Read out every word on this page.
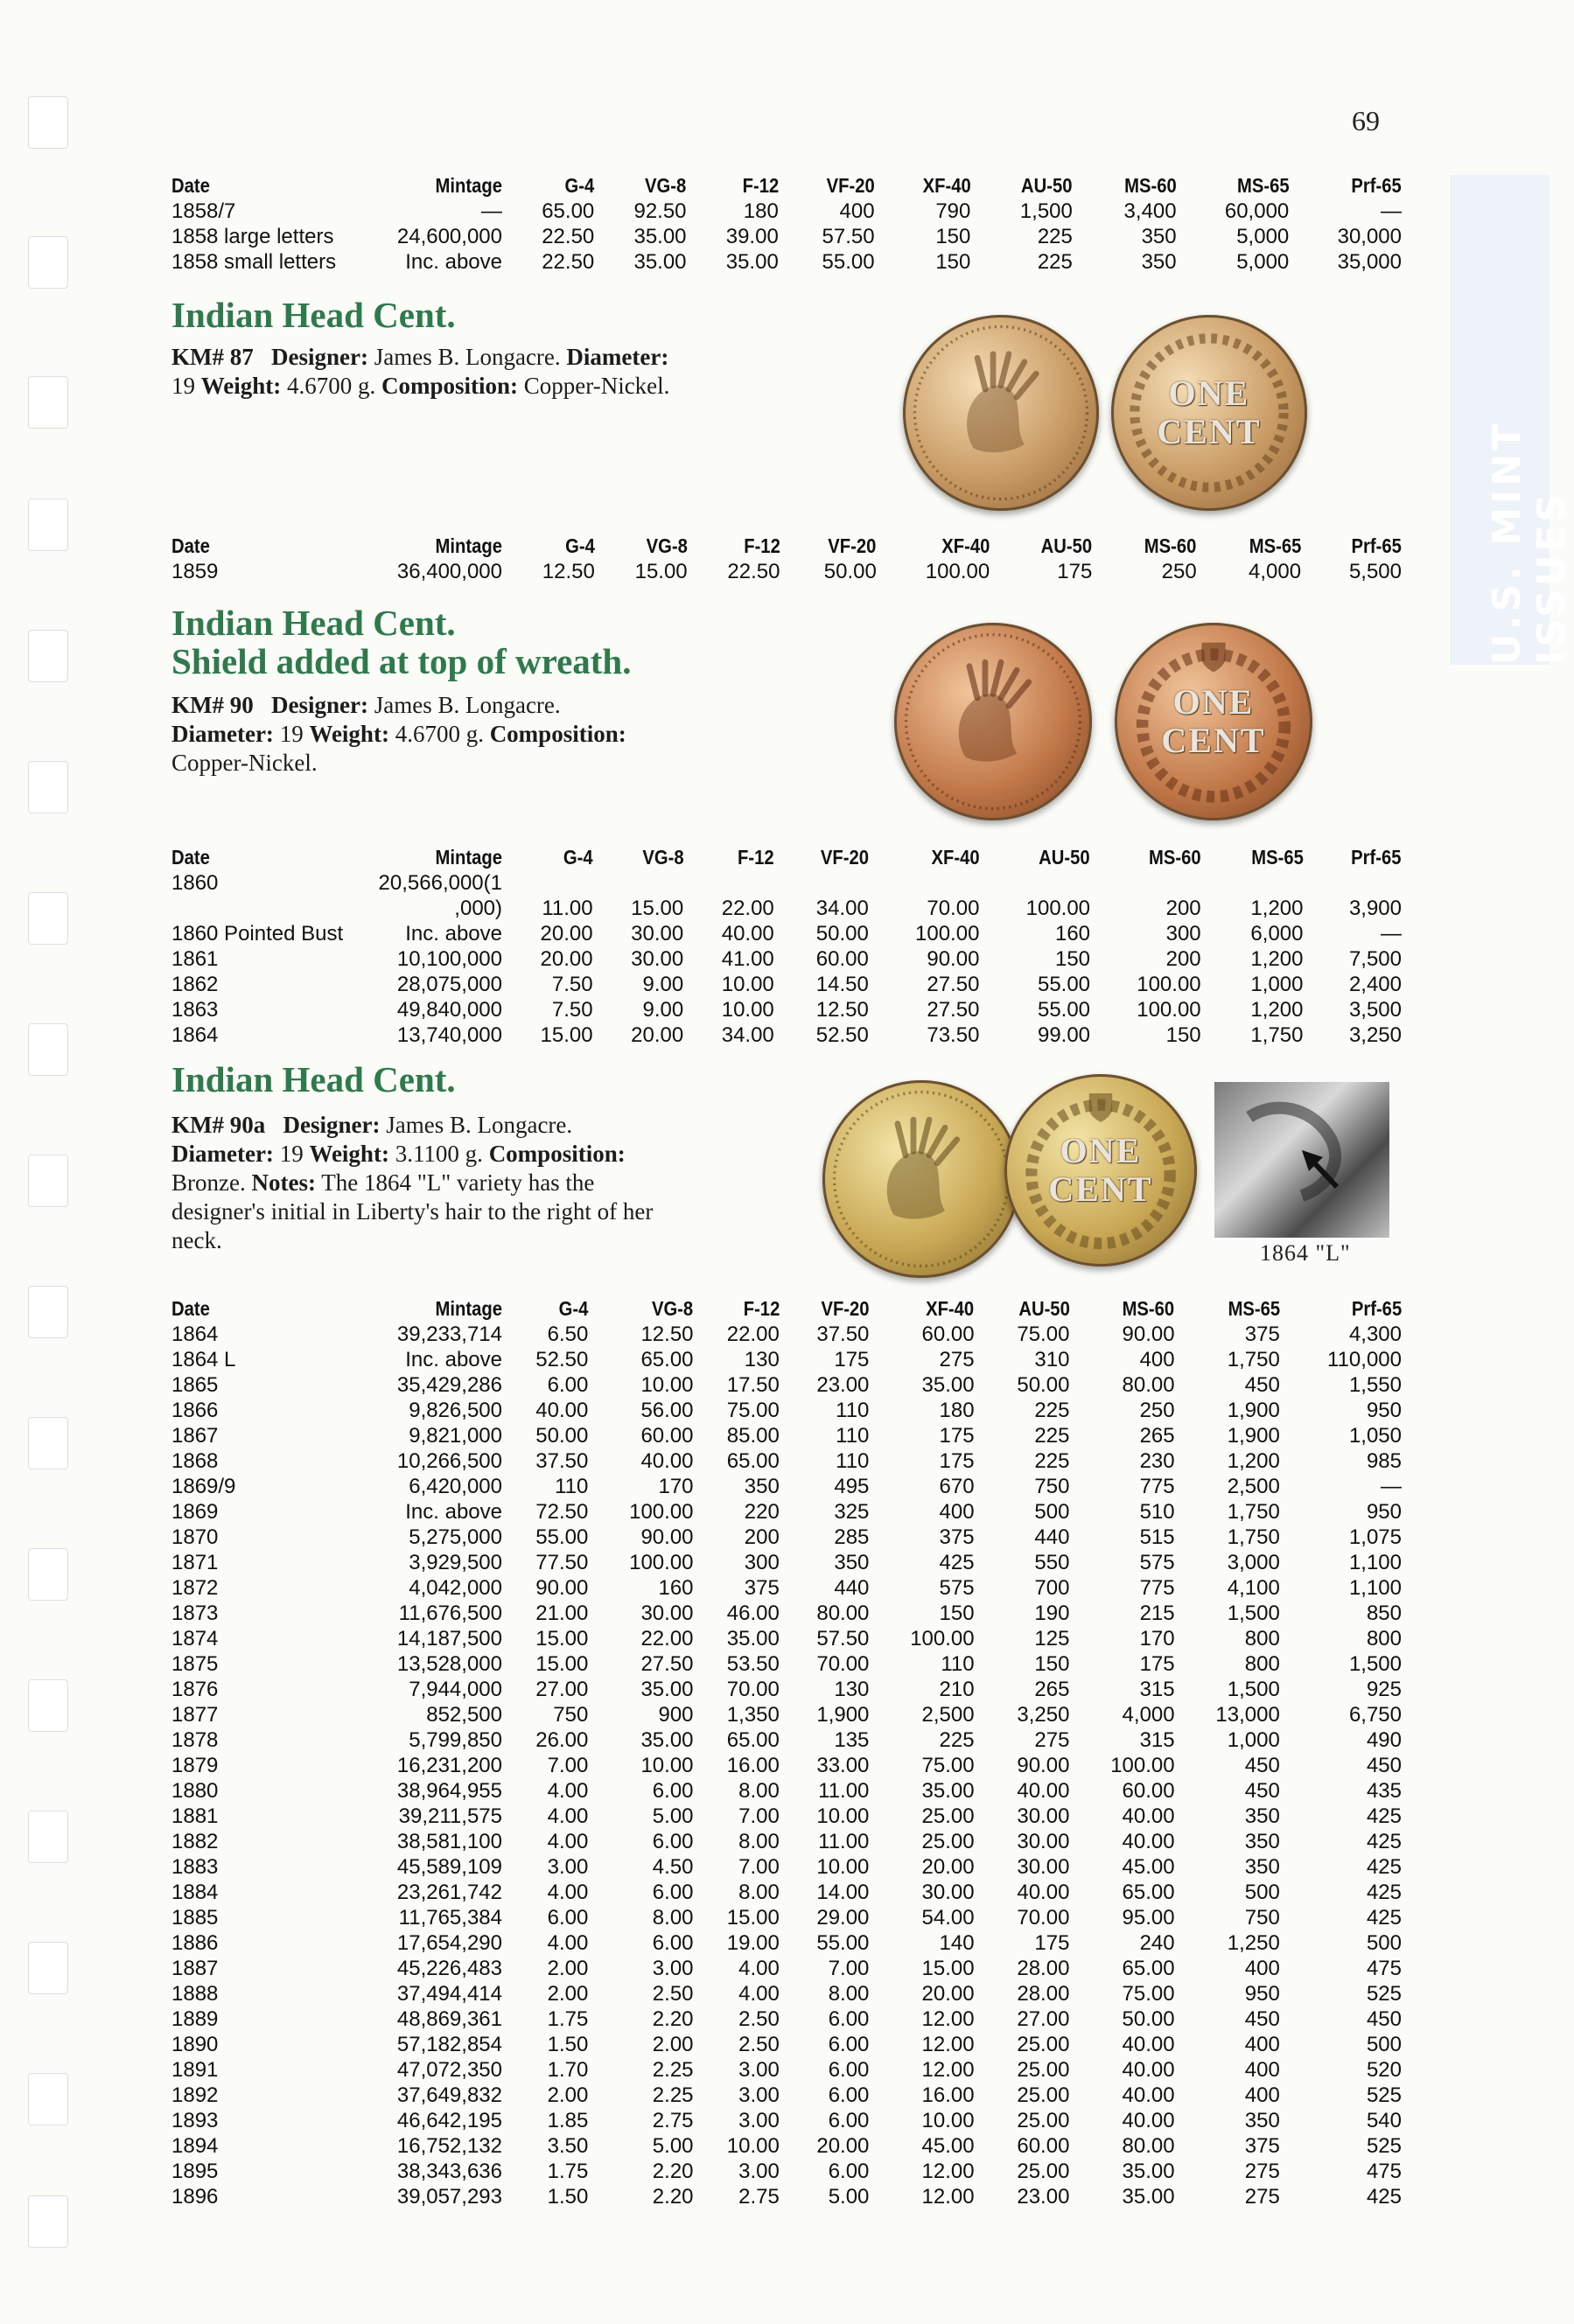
U.S. MINT ISSUES
69
Date	Mintage	G-4	VG-8	F-12	VF-20	XF-40	AU-50	MS-60	MS-65	Prf-65
1858/7	—	65.00	92.50	180	400	790	1,500	3,400	60,000	—
1858 large letters	24,600,000	22.50	35.00	39.00	57.50	150	225	350	5,000	30,000
1858 small letters	Inc. above	22.50	35.00	35.00	55.00	150	225	350	5,000	35,000
Indian Head Cent.
KM# 87 Designer: James B. Longacre. Diameter:
19 Weight: 4.6700 g. Composition: Copper-Nickel.	ONE
CENT
Date	Mintage	G-4	VG-8	F-12	VF-20	XF-40	AU-50	MS-60	MS-65	Prf-65
1859	36,400,000	12.50	15.00	22.50	50.00	100.00	175	250	4,000	5,500
Indian Head Cent.
Shield added at top of wreath.
KM# 90 Designer: James B. Longacre.
Diameter: 19 Weight: 4.6700 g. Composition:
Copper-Nickel.
ONE
CENT
Date	Mintage	G-4	VG-8	F-12	VF-20	XF-40	AU-50	MS-60	MS-65	Prf-65
1860	20,566,000(1									
	,000)	11.00	15.00	22.00	34.00	70.00	100.00	200	1,200	3,900
1860 Pointed Bust	Inc. above	20.00	30.00	40.00	50.00	100.00	160	300	6,000	—
1861	10,100,000	20.00	30.00	41.00	60.00	90.00	150	200	1,200	7,500
1862	28,075,000	7.50	9.00	10.00	14.50	27.50	55.00	100.00	1,000	2,400
1863	49,840,000	7.50	9.00	10.00	12.50	27.50	55.00	100.00	1,200	3,500
1864	13,740,000	15.00	20.00	34.00	52.50	73.50	99.00	150	1,750	3,250
Indian Head Cent.
KM# 90a Designer: James B. Longacre.
Diameter: 19 Weight: 3.1100 g. Composition:
Bronze. Notes: The 1864 "L" variety has the
designer's initial in Liberty's hair to the right of her
neck.
ONE
CENT
1864 "L"
Date	Mintage	G-4	VG-8	F-12	VF-20	XF-40	AU-50	MS-60	MS-65	Prf-65
1864	39,233,714	6.50	12.50	22.00	37.50	60.00	75.00	90.00	375	4,300
1864 L	Inc. above	52.50	65.00	130	175	275	310	400	1,750	110,000
1865	35,429,286	6.00	10.00	17.50	23.00	35.00	50.00	80.00	450	1,550
1866	9,826,500	40.00	56.00	75.00	110	180	225	250	1,900	950
1867	9,821,000	50.00	60.00	85.00	110	175	225	265	1,900	1,050
1868	10,266,500	37.50	40.00	65.00	110	175	225	230	1,200	985
1869/9	6,420,000	110	170	350	495	670	750	775	2,500	—
1869	Inc. above	72.50	100.00	220	325	400	500	510	1,750	950
1870	5,275,000	55.00	90.00	200	285	375	440	515	1,750	1,075
1871	3,929,500	77.50	100.00	300	350	425	550	575	3,000	1,100
1872	4,042,000	90.00	160	375	440	575	700	775	4,100	1,100
1873	11,676,500	21.00	30.00	46.00	80.00	150	190	215	1,500	850
1874	14,187,500	15.00	22.00	35.00	57.50	100.00	125	170	800	800
1875	13,528,000	15.00	27.50	53.50	70.00	110	150	175	800	1,500
1876	7,944,000	27.00	35.00	70.00	130	210	265	315	1,500	925
1877	852,500	750	900	1,350	1,900	2,500	3,250	4,000	13,000	6,750
1878	5,799,850	26.00	35.00	65.00	135	225	275	315	1,000	490
1879	16,231,200	7.00	10.00	16.00	33.00	75.00	90.00	100.00	450	450
1880	38,964,955	4.00	6.00	8.00	11.00	35.00	40.00	60.00	450	435
1881	39,211,575	4.00	5.00	7.00	10.00	25.00	30.00	40.00	350	425
1882	38,581,100	4.00	6.00	8.00	11.00	25.00	30.00	40.00	350	425
1883	45,589,109	3.00	4.50	7.00	10.00	20.00	30.00	45.00	350	425
1884	23,261,742	4.00	6.00	8.00	14.00	30.00	40.00	65.00	500	425
1885	11,765,384	6.00	8.00	15.00	29.00	54.00	70.00	95.00	750	425
1886	17,654,290	4.00	6.00	19.00	55.00	140	175	240	1,250	500
1887	45,226,483	2.00	3.00	4.00	7.00	15.00	28.00	65.00	400	475
1888	37,494,414	2.00	2.50	4.00	8.00	20.00	28.00	75.00	950	525
1889	48,869,361	1.75	2.20	2.50	6.00	12.00	27.00	50.00	450	450
1890	57,182,854	1.50	2.00	2.50	6.00	12.00	25.00	40.00	400	500
1891	47,072,350	1.70	2.25	3.00	6.00	12.00	25.00	40.00	400	520
1892	37,649,832	2.00	2.25	3.00	6.00	16.00	25.00	40.00	400	525
1893	46,642,195	1.85	2.75	3.00	6.00	10.00	25.00	40.00	350	540
1894	16,752,132	3.50	5.00	10.00	20.00	45.00	60.00	80.00	375	525
1895	38,343,636	1.75	2.20	3.00	6.00	12.00	25.00	35.00	275	475
1896	39,057,293	1.50	2.20	2.75	5.00	12.00	23.00	35.00	275	425
